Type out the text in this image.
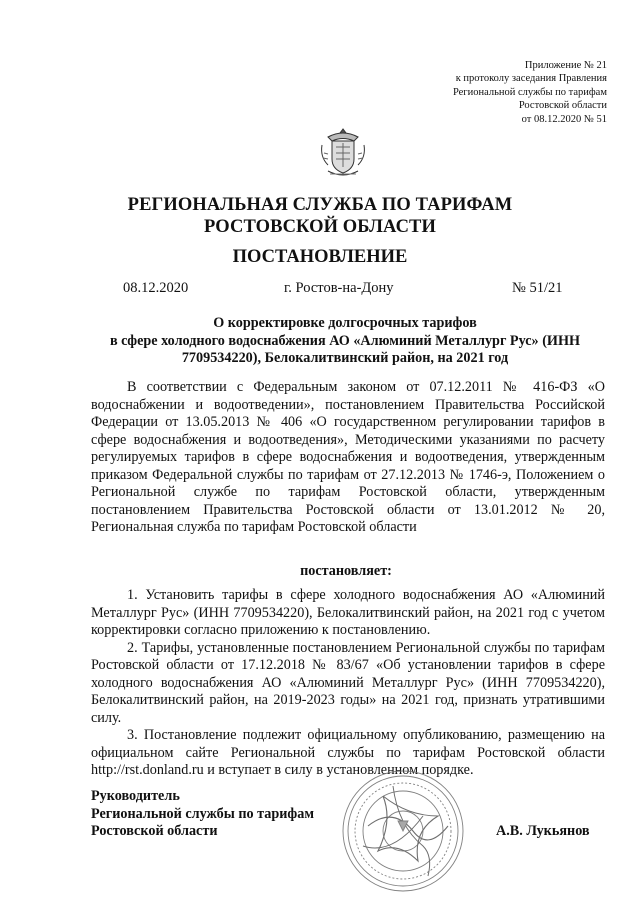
Приложение № 21
к протоколу заседания Правления
Региональной службы по тарифам
Ростовской области
от 08.12.2020 № 51
РЕГИОНАЛЬНАЯ СЛУЖБА ПО ТАРИФАМ
РОСТОВСКОЙ ОБЛАСТИ
ПОСТАНОВЛЕНИЕ
08.12.2020	г. Ростов-на-Дону	№ 51/21
О корректировке долгосрочных тарифов
в сфере холодного водоснабжения АО «Алюминий Металлург Рус» (ИНН
7709534220), Белокалитвинский район, на 2021 год

В соответствии с Федеральным законом от 07.12.2011 № 416-ФЗ «О водоснабжении и водоотведении», постановлением Правительства Российской Федерации от 13.05.2013 № 406 «О государственном регулировании тарифов в сфере водоснабжения и водоотведения», Методическими указаниями по расчету регулируемых тарифов в сфере водоснабжения и водоотведения, утвержденным приказом Федеральной службы по тарифам от 27.12.2013 № 1746-э, Положением о Региональной службе по тарифам Ростовской области, утвержденным постановлением Правительства Ростовской области от 13.01.2012 № 20, Региональная служба по тарифам Ростовской области

постановляет:

1. Установить тарифы в сфере холодного водоснабжения АО «Алюминий Металлург Рус» (ИНН 7709534220), Белокалитвинский район, на 2021 год с учетом корректировки согласно приложению к постановлению.

2. Тарифы, установленные постановлением Региональной службы по тарифам Ростовской области от 17.12.2018 № 83/67 «Об установлении тарифов в сфере холодного водоснабжения АО «Алюминий Металлург Рус» (ИНН 7709534220), Белокалитвинский район, на 2019-2023 годы» на 2021 год, признать утратившими силу.

3. Постановление подлежит официальному опубликованию, размещению на официальном сайте Региональной службы по тарифам Ростовской области http://rst.donland.ru и вступает в силу в установленном порядке.

Руководитель
Региональной службы по тарифам
Ростовской области	А.В. Лукьянов
